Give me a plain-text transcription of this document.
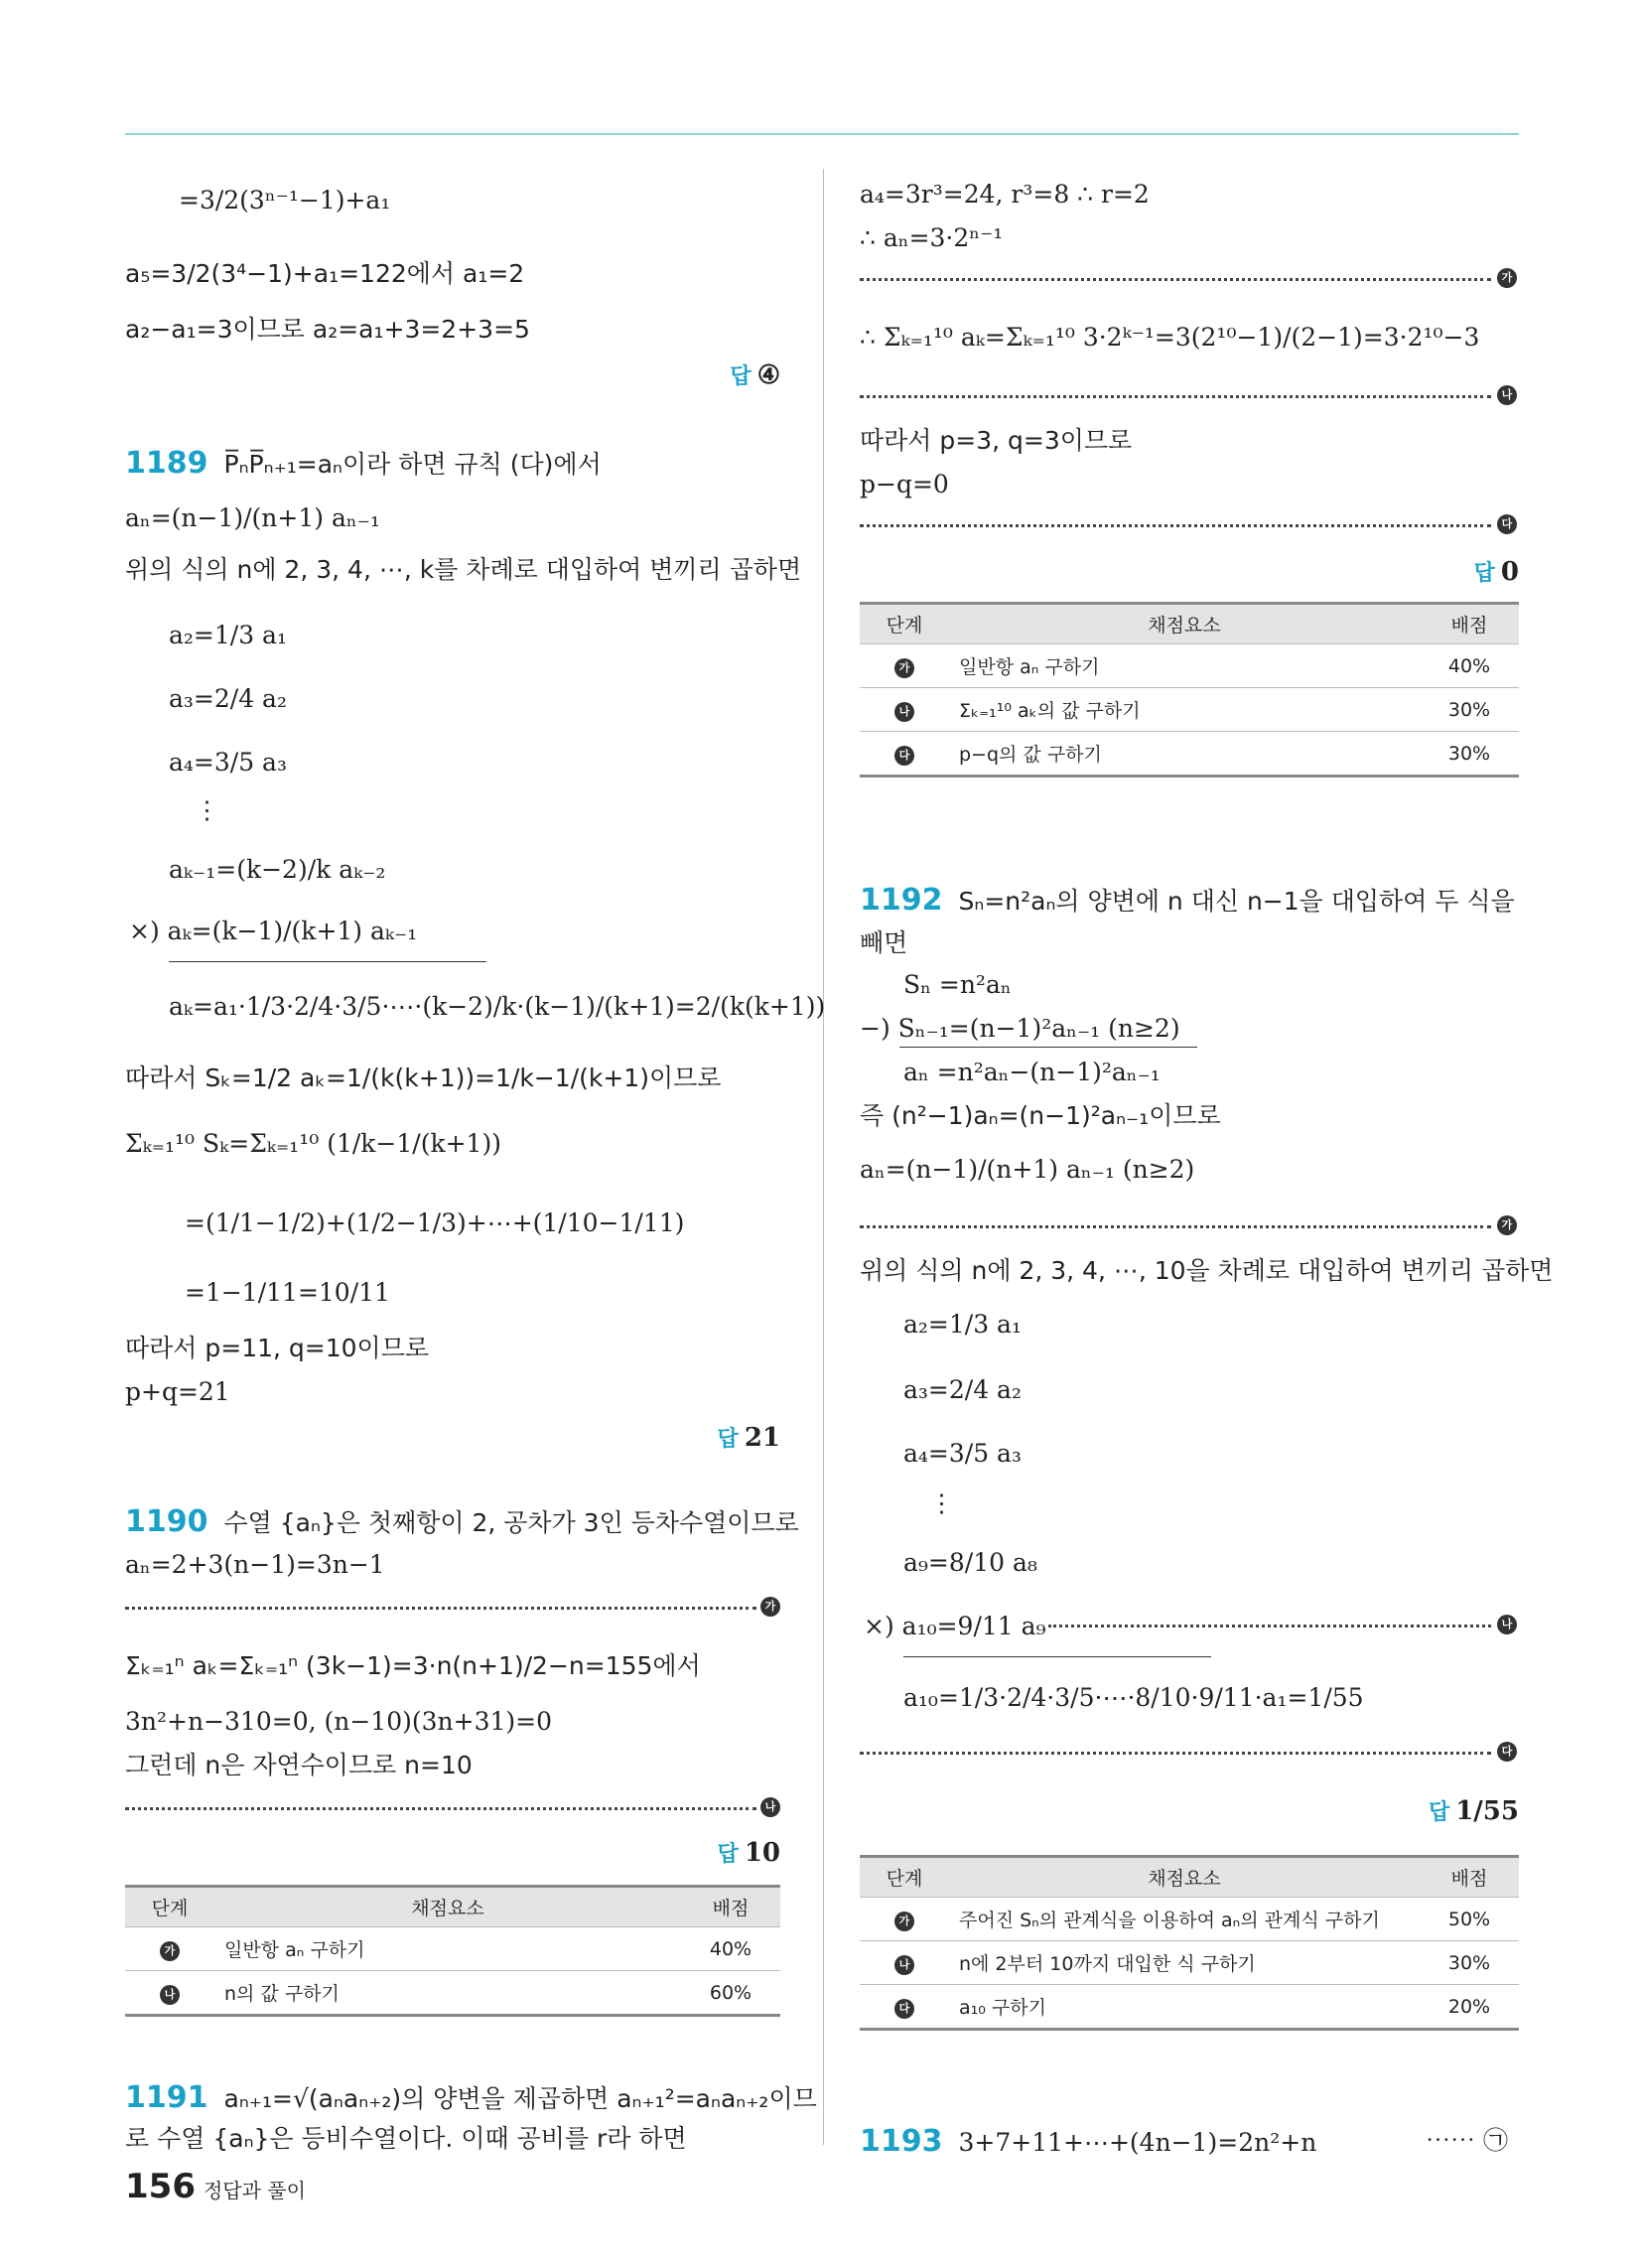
=3/2(3ⁿ⁻¹−1)+a₁
a₅=3/2(3⁴−1)+a₁=122에서 a₁=2
a₂−a₁=3이므로 a₂=a₁+3=2+3=5
답 ④
1189 P̅ₙP̅ₙ₊₁=aₙ이라 하면 규칙 (다)에서
aₙ=(n−1)/(n+1) aₙ₋₁
위의 식의 n에 2, 3, 4, ⋯, k를 차례로 대입하여 변끼리 곱하면
a₂=1/3 a₁
a₃=2/4 a₂
a₄=3/5 a₃
⋮
aₖ₋₁=(k−2)/k aₖ₋₂
×) aₖ=(k−1)/(k+1) aₖ₋₁
aₖ=a₁·1/3·2/4·3/5·⋯·(k−2)/k·(k−1)/(k+1)=2/(k(k+1))
따라서 Sₖ=1/2 aₖ=1/(k(k+1))=1/k−1/(k+1)이므로
Σₖ₌₁¹⁰ Sₖ=Σₖ₌₁¹⁰ (1/k−1/(k+1))
=(1/1−1/2)+(1/2−1/3)+⋯+(1/10−1/11)
=1−1/11=10/11
따라서 p=11, q=10이므로
p+q=21
답 21
1190 수열 {aₙ}은 첫째항이 2, 공차가 3인 등차수열이므로
aₙ=2+3(n−1)=3n−1
가
Σₖ₌₁ⁿ aₖ=Σₖ₌₁ⁿ (3k−1)=3·n(n+1)/2−n=155에서
3n²+n−310=0, (n−10)(3n+31)=0
그런데 n은 자연수이므로 n=10
나
답 10
단계	채점요소	배점
가	일반항 aₙ 구하기	40%
나	n의 값 구하기	60%
1191 aₙ₊₁=√(aₙaₙ₊₂)의 양변을 제곱하면 aₙ₊₁²=aₙaₙ₊₂이므
로 수열 {aₙ}은 등비수열이다. 이때 공비를 r라 하면
a₄=3r³=24, r³=8 ∴ r=2
∴ aₙ=3·2ⁿ⁻¹
가
∴ Σₖ₌₁¹⁰ aₖ=Σₖ₌₁¹⁰ 3·2ᵏ⁻¹=3(2¹⁰−1)/(2−1)=3·2¹⁰−3
나
따라서 p=3, q=3이므로
p−q=0
다
답 0
단계	채점요소	배점
가	일반항 aₙ 구하기	40%
나	Σₖ₌₁¹⁰ aₖ의 값 구하기	30%
다	p−q의 값 구하기	30%
1192 Sₙ=n²aₙ의 양변에 n 대신 n−1을 대입하여 두 식을
빼면
Sₙ =n²aₙ
−) Sₙ₋₁=(n−1)²aₙ₋₁ (n≥2)
aₙ =n²aₙ−(n−1)²aₙ₋₁
즉 (n²−1)aₙ=(n−1)²aₙ₋₁이므로
aₙ=(n−1)/(n+1) aₙ₋₁ (n≥2)
가
위의 식의 n에 2, 3, 4, ⋯, 10을 차례로 대입하여 변끼리 곱하면
a₂=1/3 a₁
a₃=2/4 a₂
a₄=3/5 a₃
⋮
a₉=8/10 a₈
×) a₁₀=9/11 a₉	나
a₁₀=1/3·2/4·3/5·⋯·8/10·9/11·a₁=1/55
다
답 1/55
단계	채점요소	배점
가	주어진 Sₙ의 관계식을 이용하여 aₙ의 관계식 구하기	50%
나	n에 2부터 10까지 대입한 식 구하기	30%
다	a₁₀ 구하기	20%
1193 3+7+11+⋯+(4n−1)=2n²+n	⋯⋯ ㉠
156 정답과 풀이
